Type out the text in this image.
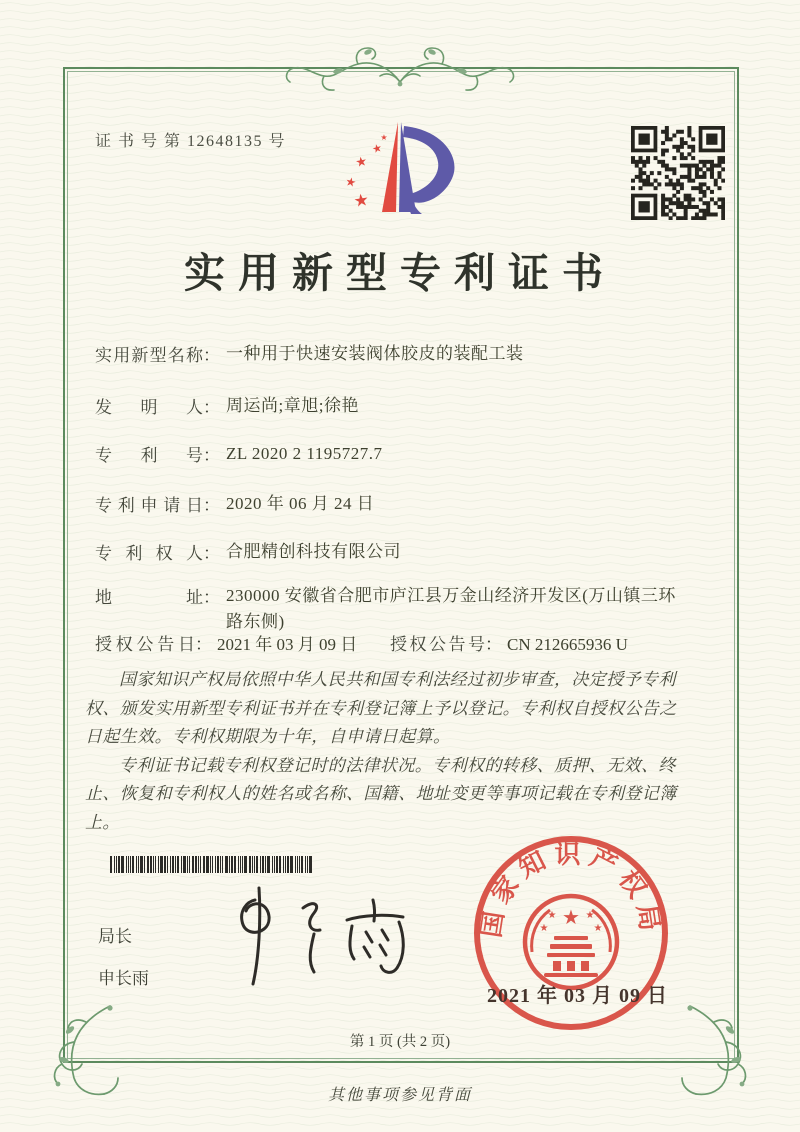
证 书 号 第 12648135 号	★
★
★
★
★
实用新型专利证书
实用新型名称： 一种用于快速安装阀体胶皮的装配工装
发明人： 周运尚;章旭;徐艳
专利号： ZL 2020 2 1195727.7
专利申请日： 2020 年 06 月 24 日
专利权人： 合肥精创科技有限公司
地址： 230000 安徽省合肥市庐江县万金山经济开发区(万山镇三环路东侧)
授权公告日： 2021 年 03 月 09 日 授权公告号： CN 212665936 U

国家知识产权局依照中华人民共和国专利法经过初步审查，决定授予专利权、颁发实用新型专利证书并在专利登记簿上予以登记。专利权自授权公告之日起生效。专利权期限为十年，自申请日起算。

专利证书记载专利权登记时的法律状况。专利权的转移、质押、无效、终止、恢复和专利权人的姓名或名称、国籍、地址变更等事项记载在专利登记簿上。

局长
申长雨
国家知识产权局
★
★	★
★	★
2021 年 03 月 09 日
第 1 页 (共 2 页)
其他事项参见背面
